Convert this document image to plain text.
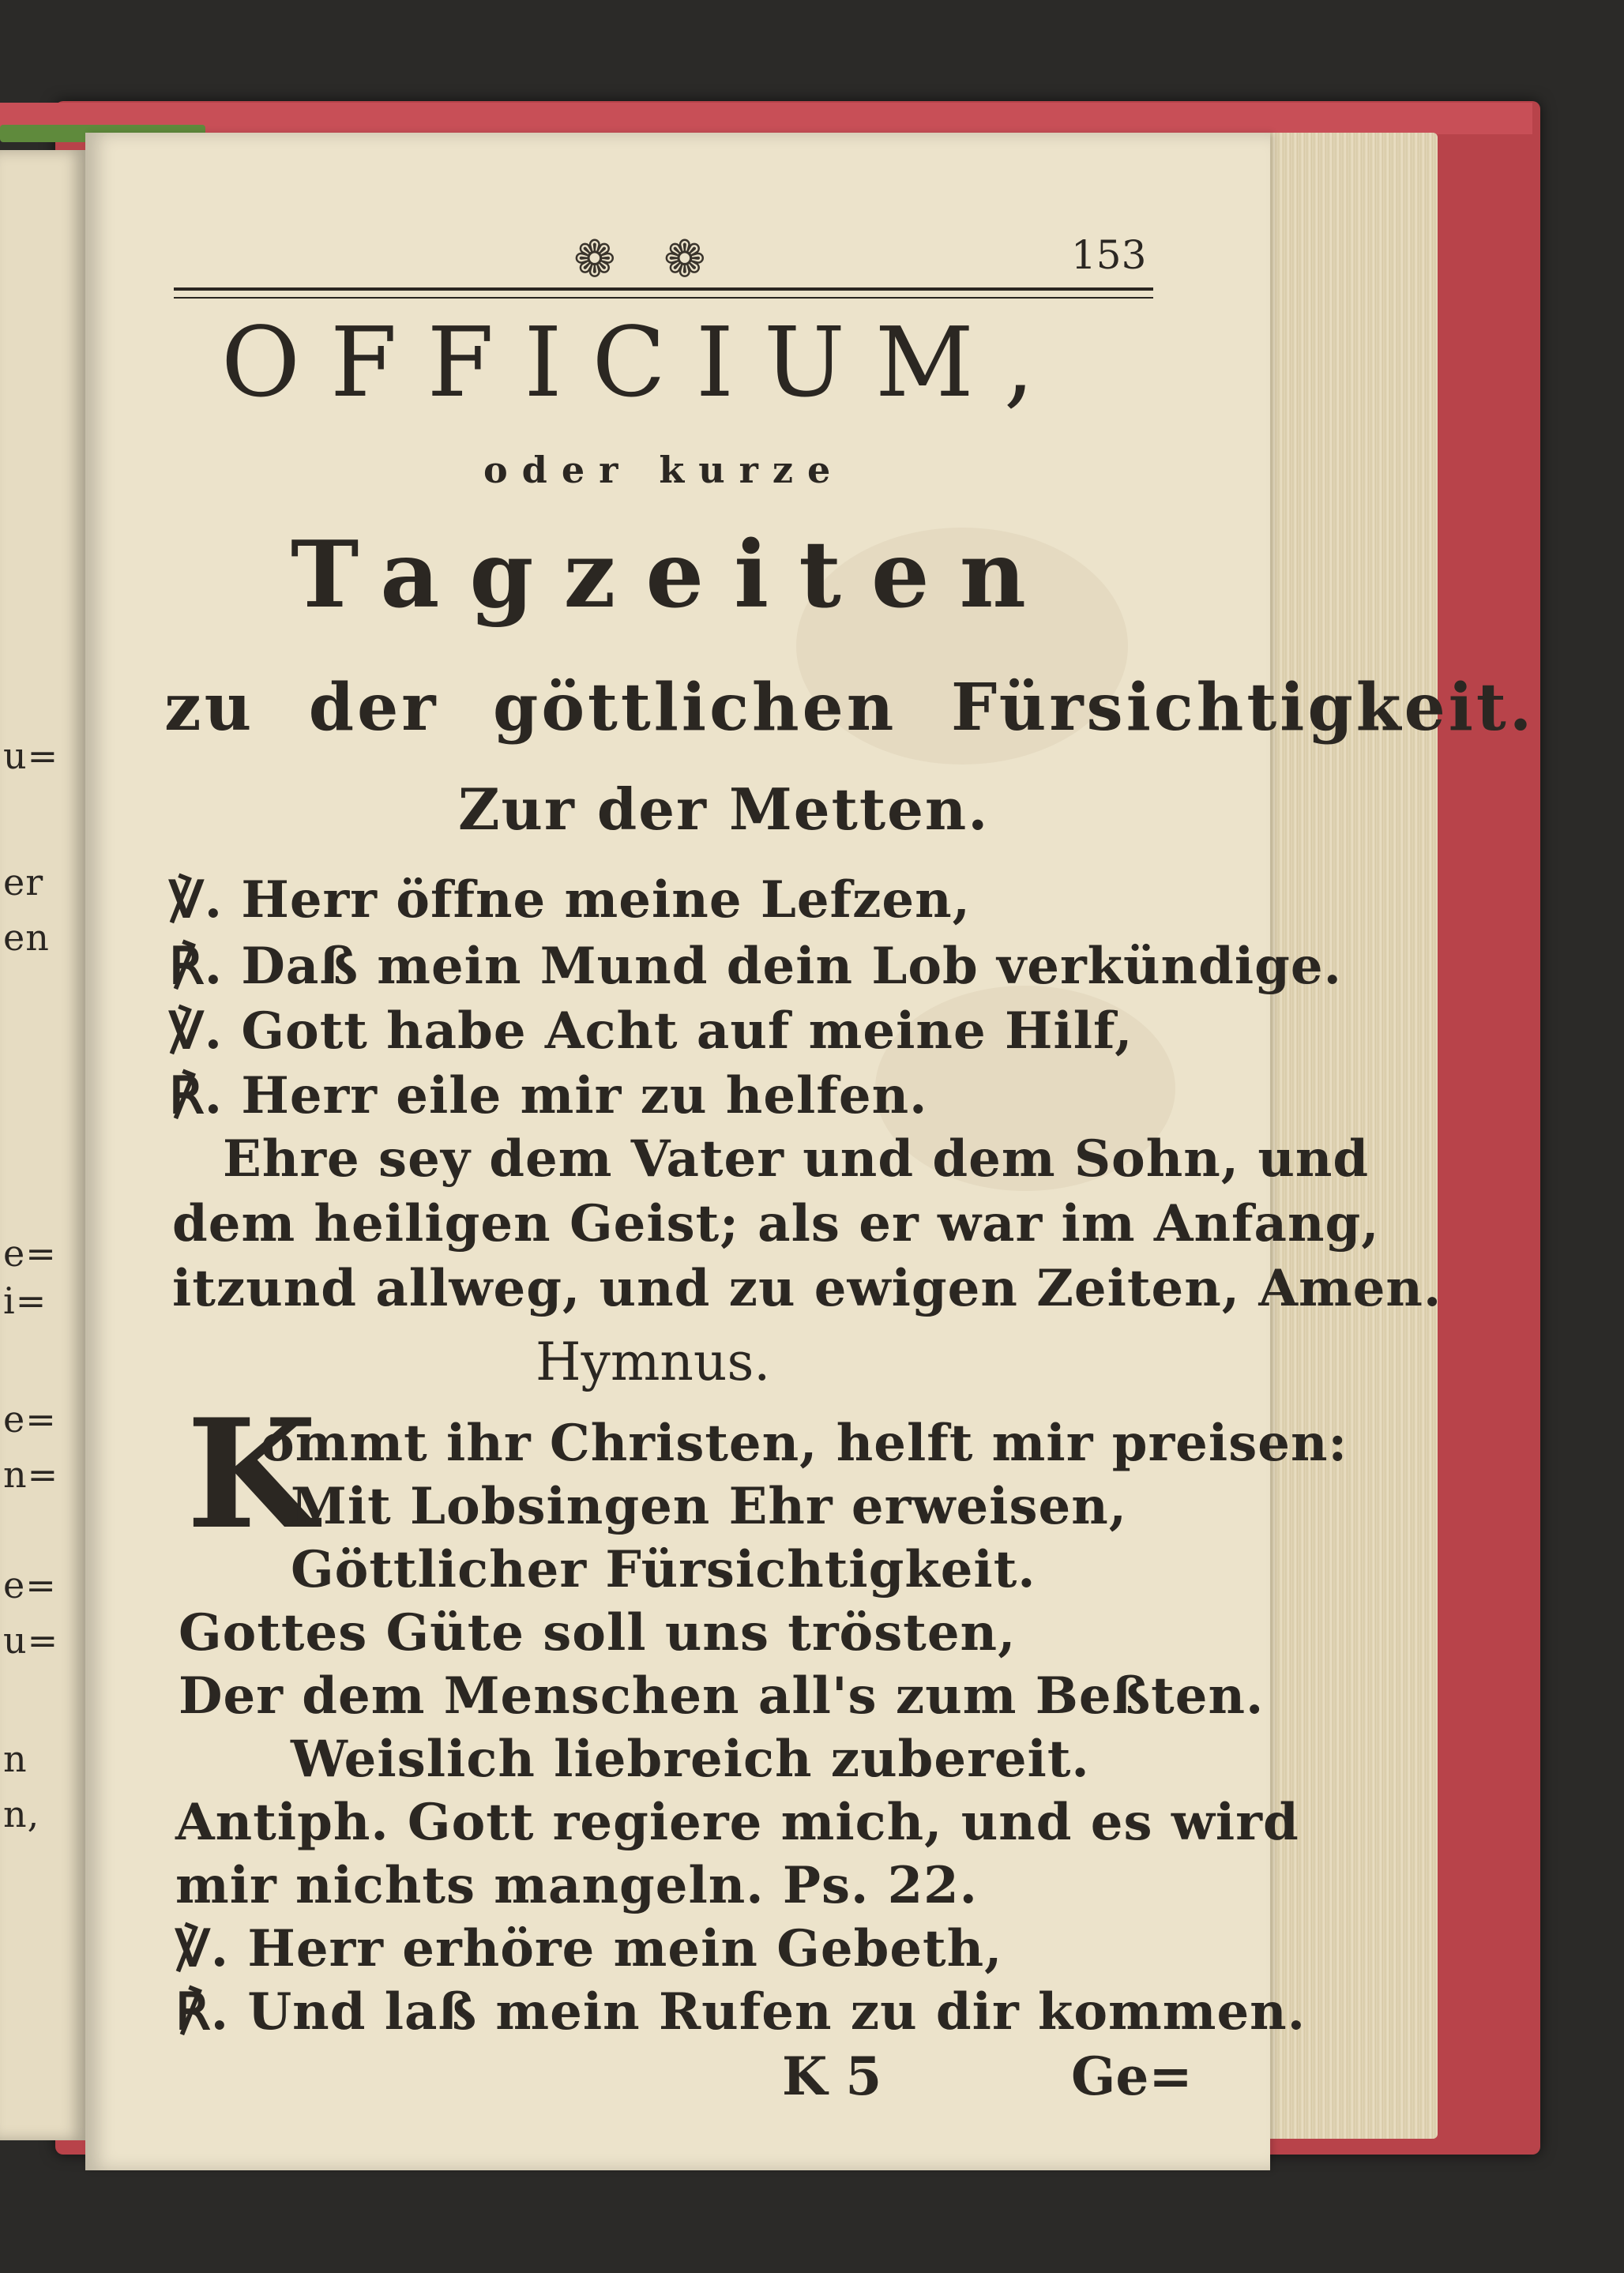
u=
er
en
e=
i=
e=
n=
e=
u=
n
n,
❁ ❁	153
OFFICIUM,
oder kurze
Tagzeiten
zu der göttlichen Fürsichtigkeit.
Zur der Metten.
℣. Herr öffne meine Lefzen,
℟. Daß mein Mund dein Lob verkündige.
℣. Gott habe Acht auf meine Hilf,
℟. Herr eile mir zu helfen.
Ehre sey dem Vater und dem Sohn, und
dem heiligen Geist; als er war im Anfang,
itzund allweg, und zu ewigen Zeiten, Amen.
Hymnus.
K
ommt ihr Christen, helft mir preisen:
Mit Lobsingen Ehr erweisen,
Göttlicher Fürsichtigkeit.
Gottes Güte soll uns trösten,
Der dem Menschen all's zum Beßten.
Weislich liebreich zubereit.
Antiph. Gott regiere mich, und es wird
mir nichts mangeln. Ps. 22.
℣. Herr erhöre mein Gebeth,
℟. Und laß mein Rufen zu dir kommen.
K 5	Ge=
